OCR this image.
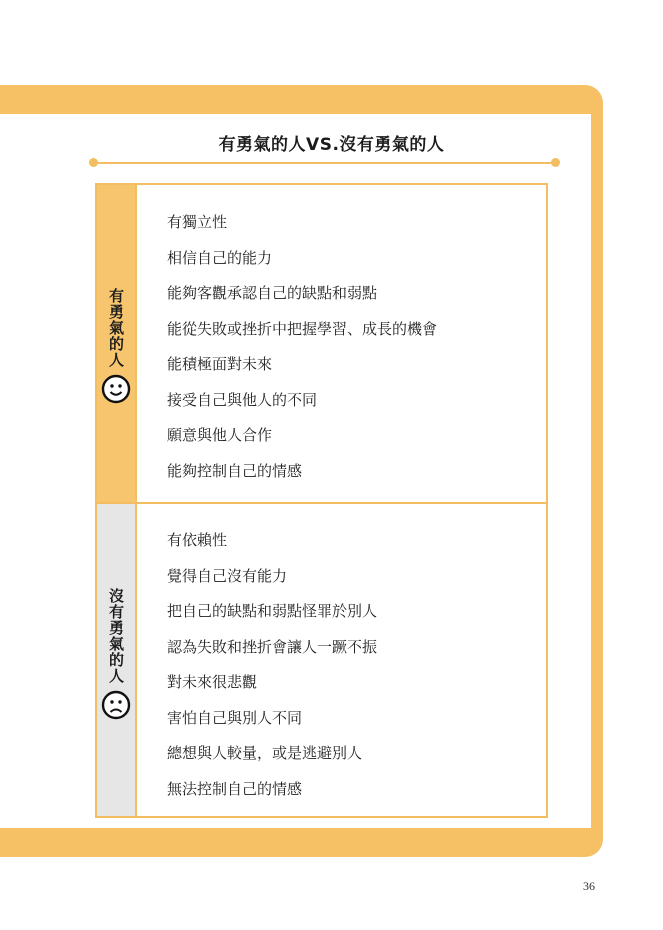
有勇氣的人VS.沒有勇氣的人
有勇氣的人
沒有勇氣的人
有獨立性
相信自己的能力
能夠客觀承認自己的缺點和弱點
能從失敗或挫折中把握學習、成長的機會
能積極面對未來
接受自己與他人的不同
願意與他人合作
能夠控制自己的情感
有依賴性
覺得自己沒有能力
把自己的缺點和弱點怪罪於別人
認為失敗和挫折會讓人一蹶不振
對未來很悲觀
害怕自己與別人不同
總想與人較量，或是逃避別人
無法控制自己的情感
36
